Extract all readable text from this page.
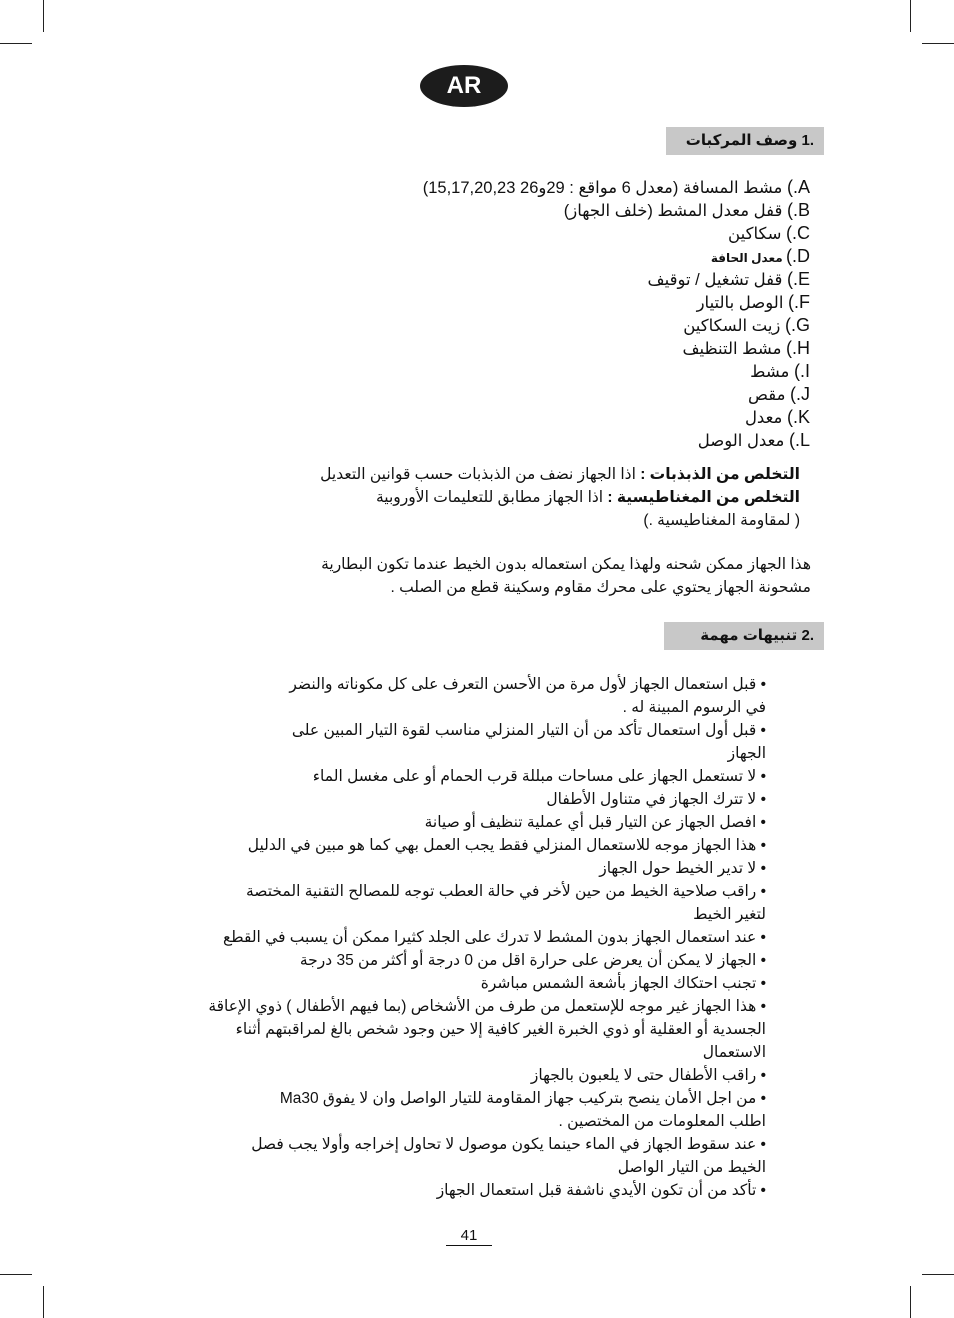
AR
.1 وصف المركبات
A.) مشط المسافة (معدل 6 مواقع : 29و26 15,17,20,23)
B.) قفل معدل المشط (خلف الجهاز)
C.) سكاكين
D.) معدل الحافة
E.) قفل تشغيل / توقيف
F.) الوصل بالتيار
G.) زيت السكاكين
H.) مشط التنظيف
I.) مشط
J.) مقص
K.) معدل
L.) معدل الوصل
التخلص من الذبذبات : اذا الجهاز نضف من الذبذبات حسب قوانين التعديل
التخلص من المغناطيسية : اذا الجهاز مطابق للتعليمات الأوروبية
( لمقاومة المغناطيسية .)
هذا الجهاز ممكن شحنه ولهذا يمكن استعماله بدون الخيط عندما تكون البطارية
مشحونة الجهاز يحتوي على محرك مقاوم وسكينة قطع من الصلب .
.2 تنبيهات مهمة
• قبل استعمال الجهاز لأول مرة من الأحسن التعرف على كل مكوناته والنضر
في الرسوم المبينة له .
• قبل أول استعمال تأكد من أن التيار المنزلي مناسب لقوة التيار المبين على
الجهاز
• لا تستعمل الجهاز على مساحات مبللة قرب الحمام أو على مغسل الماء
• لا تترك الجهاز في متناول الأطفال
• افصل الجهاز عن التيار قبل أي عملية تنظيف أو صيانة
• هذا الجهاز موجه للاستعمال المنزلي فقط يجب العمل بهي كما هو مبين في الدليل
• لا تدير الخيط حول الجهاز
• راقب صلاحية الخيط من حين لأخر في حالة العطب توجه للمصالح التقنية المختصة
لتغير الخيط
• عند استعمال الجهاز بدون المشط لا تدرك على الجلد كثيرا ممكن أن يسبب في القطع
• الجهاز لا يمكن أن يعرض على حرارة اقل من 0 درجة أو أكثر من 35 درجة
• تجنب احتكاك الجهاز بأشعة الشمس مباشرة
• هذا الجهاز غير موجه للإستعمل من طرف من الأشخاص (بما فيهم الأطفال ) ذوي الإعاقة
الجسدية أو العقلية أو ذوي الخبرة الغير كافية إلا حين وجود شخص بالغ لمراقبتهم أثناء
الاستعمال
• راقب الأطفال حتى لا يلعبون بالجهاز
• من اجل الأمان ينصح بتركيب جهاز المقاومة للتيار الواصل وان لا يفوق Ma30
اطلب المعلومات من المختصين .
• عند سقوط الجهاز في الماء حينما يكون موصول لا تحاول إخراجه وأولا يجب فصل
الخيط من التيار الواصل
• تأكد من أن تكون الأيدي ناشفة قبل استعمال الجهاز
41
